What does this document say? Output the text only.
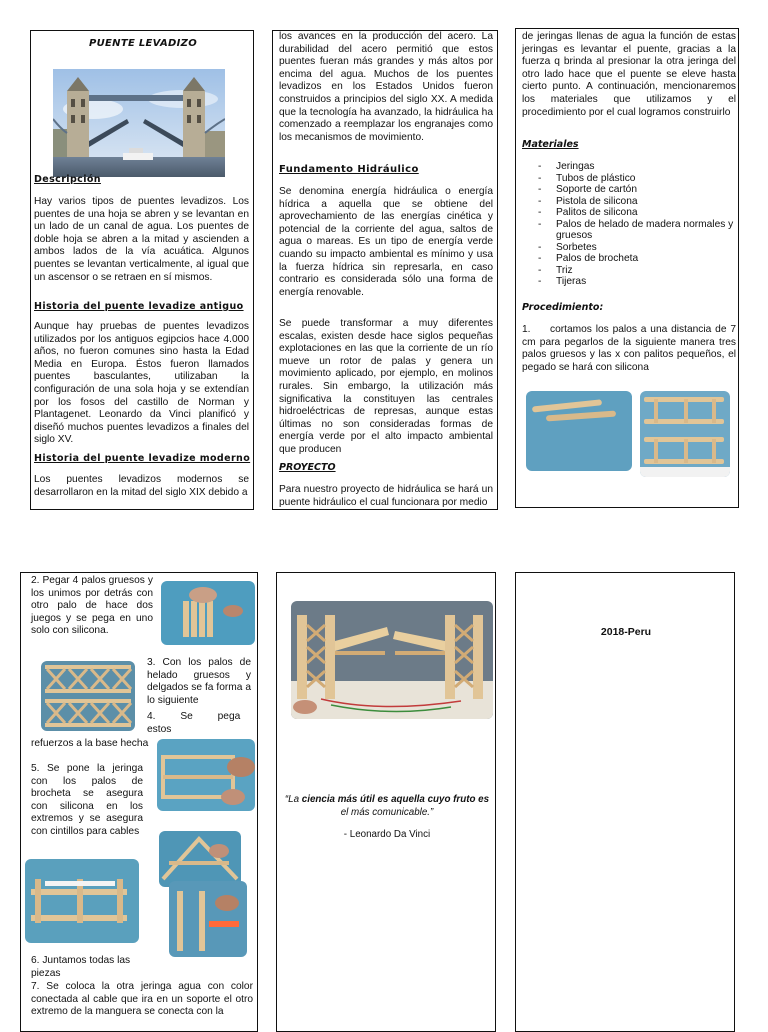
PUENTE LEVADIZO
Descripción

Hay varios tipos de puentes levadizos. Los puentes de una hoja se abren y se levantan en un lado de un canal de agua. Los puentes de doble hoja se abren a la mitad y ascienden a ambos lados de la vía acuática. Algunos puentes se levantan verticalmente, al igual que un ascensor o se retraen en sí mismos.

Historia del puente levadize antiguo

Aunque hay pruebas de puentes levadizos utilizados por los antiguos egipcios hace 4.000 años, no fueron comunes sino hasta la Edad Media en Europa. Éstos fueron llamados puentes basculantes, utilizaban la configuración de una sola hoja y se extendían por los fosos del castillo de Norman y Plantagenet. Leonardo da Vinci planificó y diseñó muchos puentes levadizos a finales del siglo XV.

Historia del puente levadize moderno

Los puentes levadizos modernos se desarrollaron en la mitad del siglo XIX debido a

los avances en la producción del acero. La durabilidad del acero permitió que estos puentes fueran más grandes y más altos por encima del agua. Muchos de los puentes levadizos en los Estados Unidos fueron construidos a principios del siglo XX. A medida que la tecnología ha avanzado, la hidráulica ha comenzado a reemplazar los engranajes como los mecanismos de movimiento.

Fundamento Hidráulico

Se denomina energía hidráulica o energía hídrica a aquella que se obtiene del aprovechamiento de las energías cinética y potencial de la corriente del agua, saltos de agua o mareas. Es un tipo de energía verde cuando su impacto ambiental es mínimo y usa la fuerza hídrica sin represarla, en caso contrario es considerada sólo una forma de energía renovable.

Se puede transformar a muy diferentes escalas, existen desde hace siglos pequeñas explotaciones en las que la corriente de un río mueve un rotor de palas y genera un movimiento aplicado, por ejemplo, en molinos rurales. Sin embargo, la utilización más significativa la constituyen las centrales hidroeléctricas de represas, aunque estas últimas no son consideradas formas de energía verde por el alto impacto ambiental que producen

PROYECTO

Para nuestro proyecto de hidráulica se hará un puente hidráulico el cual funcionara por medio

de jeringas llenas de agua la función de estas jeringas es levantar el puente, gracias a la fuerza q brinda al presionar la otra jeringa del otro lado hace que el puente se eleve hasta cierto punto. A continuación, mencionaremos los materiales que utilizamos y el procedimiento por el cual logramos construirlo

Materiales
- Jeringas
- Tubos de plástico
- Soporte de cartón
- Pistola de silicona
- Palitos de silicona
- Palos de helado de madera normales y gruesos
- Sorbetes
- Palos de brocheta
- Triz
- Tijeras
Procedimiento:
1.	cortamos los palos a una distancia de 7 cm para pegarlos de la siguiente manera tres palos gruesos y las x con palitos pequeños, el pegado se hará con silicona

2. Pegar 4 palos gruesos y los unimos por detrás con otro palo de hace dos juegos y se pega en uno solo con silicona.

3. Con los palos de helado gruesos y delgados se fa forma a lo siguiente

4. Se pega estos

refuerzos a la base hecha

5. Se pone la jeringa con los palos de brocheta se asegura con silicona en los extremos y se asegura con cintillos para cables

6. Juntamos todas las piezas

7. Se coloca la otra jeringa agua con color conectada al cable que ira en un soporte el otro extremo de la manguera se conecta con la

“La ciencia más útil es aquella cuyo fruto es
el más comunicable.”
- Leonardo Da Vinci
2018-Peru
